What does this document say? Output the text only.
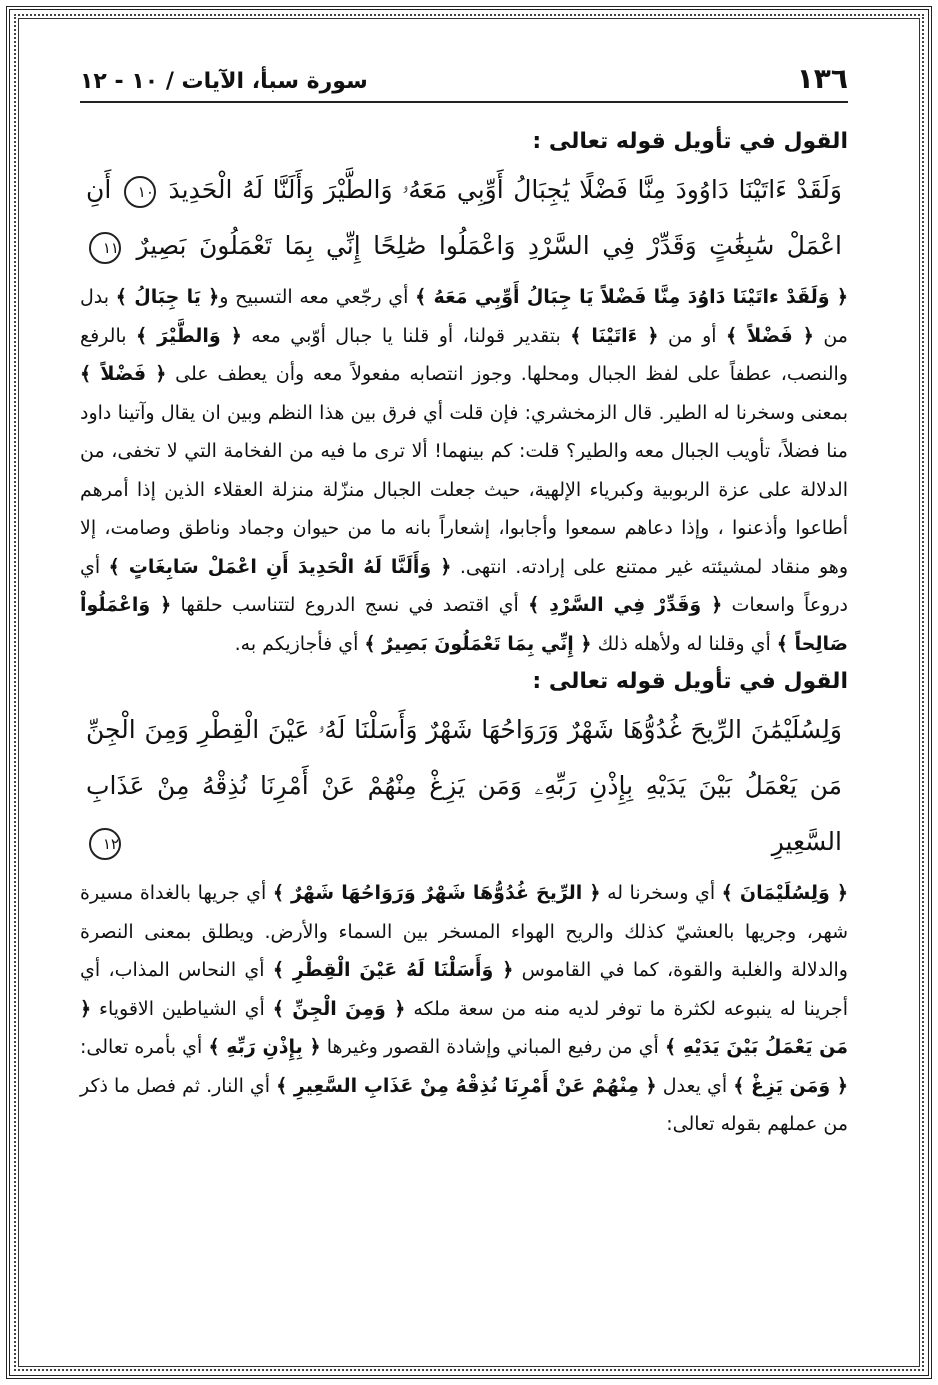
١٣٦
سورة سبأ، الآيات / ١٠ - ١٢
القول في تأويل قوله تعالى :
وَلَقَدْ ءَاتَيْنَا دَاوُودَ مِنَّا فَضْلًا يَٰجِبَالُ أَوِّبِي مَعَهُۥ وَالطَّيْرَ وَأَلَنَّا لَهُ الْحَدِيدَ ١٠ أَنِ اعْمَلْ سَٰبِغَٰتٍ وَقَدِّرْ فِي السَّرْدِ وَاعْمَلُوا صَٰلِحًا إِنِّي بِمَا تَعْمَلُونَ بَصِيرٌ ١١
﴿ وَلَقَدْ ءاتَيْنَا دَاوُدَ مِنَّا فَضْلاً يَا جِبَالُ أَوِّبِي مَعَهُ ﴾ أي رجّعي معه التسبيح و﴿ يَا جِبَالُ ﴾ بدل من ﴿ فَضْلاً ﴾ أو من ﴿ ءَاتَيْنَا ﴾ بتقدير قولنا، أو قلنا يا جبال أوّبي معه ﴿ وَالطَّيْرَ ﴾ بالرفع والنصب، عطفاً على لفظ الجبال ومحلها. وجوز انتصابه مفعولاً معه وأن يعطف على ﴿ فَضْلاً ﴾ بمعنى وسخرنا له الطير. قال الزمخشري: فإن قلت أي فرق بين هذا النظم وبين ان يقال وآتينا داود منا فضلاً، تأويب الجبال معه والطير؟ قلت: كم بينهما! ألا ترى ما فيه من الفخامة التي لا تخفى، من الدلالة على عزة الربوبية وكبرياء الإلهية، حيث جعلت الجبال منزّلة منزلة العقلاء الذين إذا أمرهم أطاعوا وأذعنوا ، وإذا دعاهم سمعوا وأجابوا، إشعاراً بانه ما من حيوان وجماد وناطق وصامت، إلا وهو منقاد لمشيئته غير ممتنع على إرادته. انتهى. ﴿ وَأَلَنَّا لَهُ الْحَدِيدَ أَنِ اعْمَلْ سَابِغَاتٍ ﴾ أي دروعاً واسعات ﴿ وَقَدِّرْ فِي السَّرْدِ ﴾ أي اقتصد في نسج الدروع لتتناسب حلقها ﴿ وَاعْمَلُواْ صَالِحاً ﴾ أي وقلنا له ولأهله ذلك ﴿ إِنِّي بِمَا تَعْمَلُونَ بَصِيرٌ ﴾ أي فأجازيكم به.
القول في تأويل قوله تعالى :
وَلِسُلَيْمَٰنَ الرِّيحَ غُدُوُّهَا شَهْرٌ وَرَوَاحُهَا شَهْرٌ وَأَسَلْنَا لَهُۥ عَيْنَ الْقِطْرِ وَمِنَ الْجِنِّ مَن يَعْمَلُ بَيْنَ يَدَيْهِ بِإِذْنِ رَبِّهِۦ وَمَن يَزِغْ مِنْهُمْ عَنْ أَمْرِنَا نُذِقْهُ مِنْ عَذَابِ السَّعِيرِ ١٢
﴿ وَلِسُلَيْمَانَ ﴾ أي وسخرنا له ﴿ الرِّيحَ غُدُوُّهَا شَهْرٌ وَرَوَاحُهَا شَهْرٌ ﴾ أي جريها بالغداة مسيرة شهر، وجريها بالعشيّ كذلك والريح الهواء المسخر بين السماء والأرض. ويطلق بمعنى النصرة والدلالة والغلبة والقوة، كما في القاموس ﴿ وَأَسَلْنَا لَهُ عَيْنَ الْقِطْرِ ﴾ أي النحاس المذاب، أي أجرينا له ينبوعه لكثرة ما توفر لديه منه من سعة ملكه ﴿ وَمِنَ الْجِنِّ ﴾ أي الشياطين الاقوياء ﴿ مَن يَعْمَلُ بَيْنَ يَدَيْهِ ﴾ أي من رفيع المباني وإشادة القصور وغيرها ﴿ بِإِذْنِ رَبِّهِ ﴾ أي بأمره تعالى: ﴿ وَمَن يَزِغْ ﴾ أي يعدل ﴿ مِنْهُمْ عَنْ أَمْرِنَا نُذِقْهُ مِنْ عَذَابِ السَّعِيرِ ﴾ أي النار. ثم فصل ما ذكر من عملهم بقوله تعالى:
